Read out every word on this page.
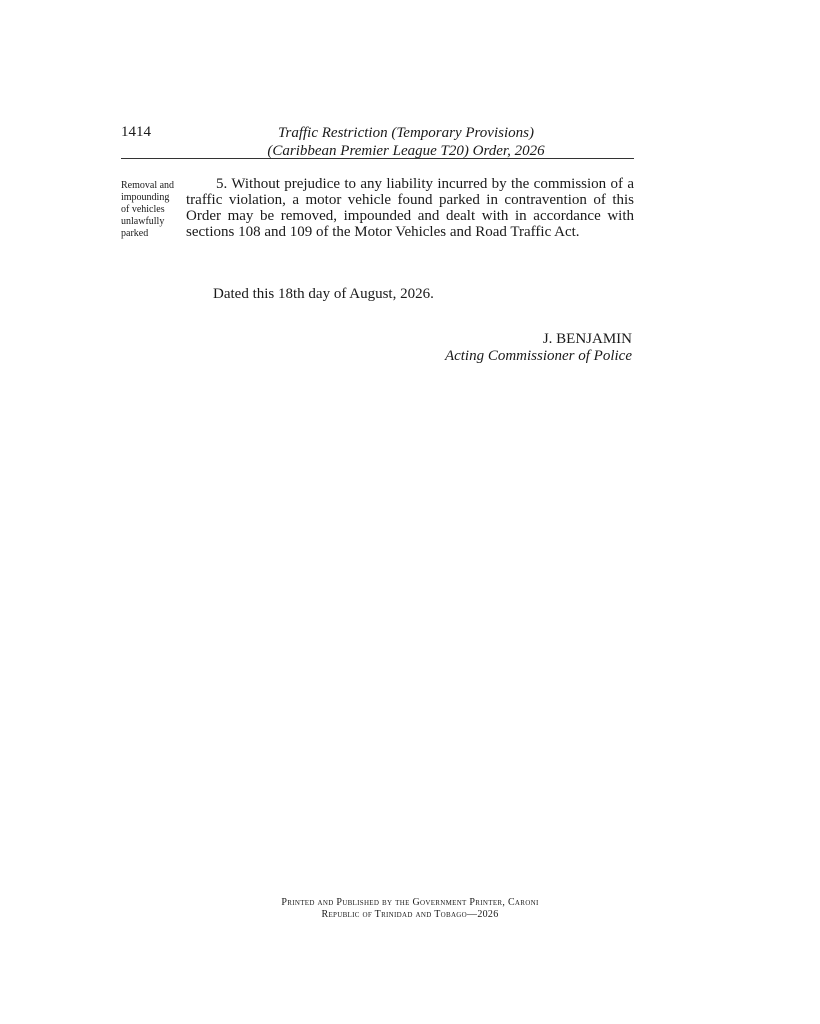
1414	Traffic Restriction (Temporary Provisions)
(Caribbean Premier League T20) Order, 2026
Removal and
impounding
of vehicles
unlawfully
parked

5. Without prejudice to any liability incurred by the commission of a traffic violation, a motor vehicle found parked in contravention of this Order may be removed, impounded and dealt with in accordance with sections 108 and 109 of the Motor Vehicles and Road Traffic Act.

Dated this 18th day of August, 2026.
J. BENJAMIN
Acting Commissioner of Police
Printed and Published by the Government Printer, Caroni
Republic of Trinidad and Tobago—2026
